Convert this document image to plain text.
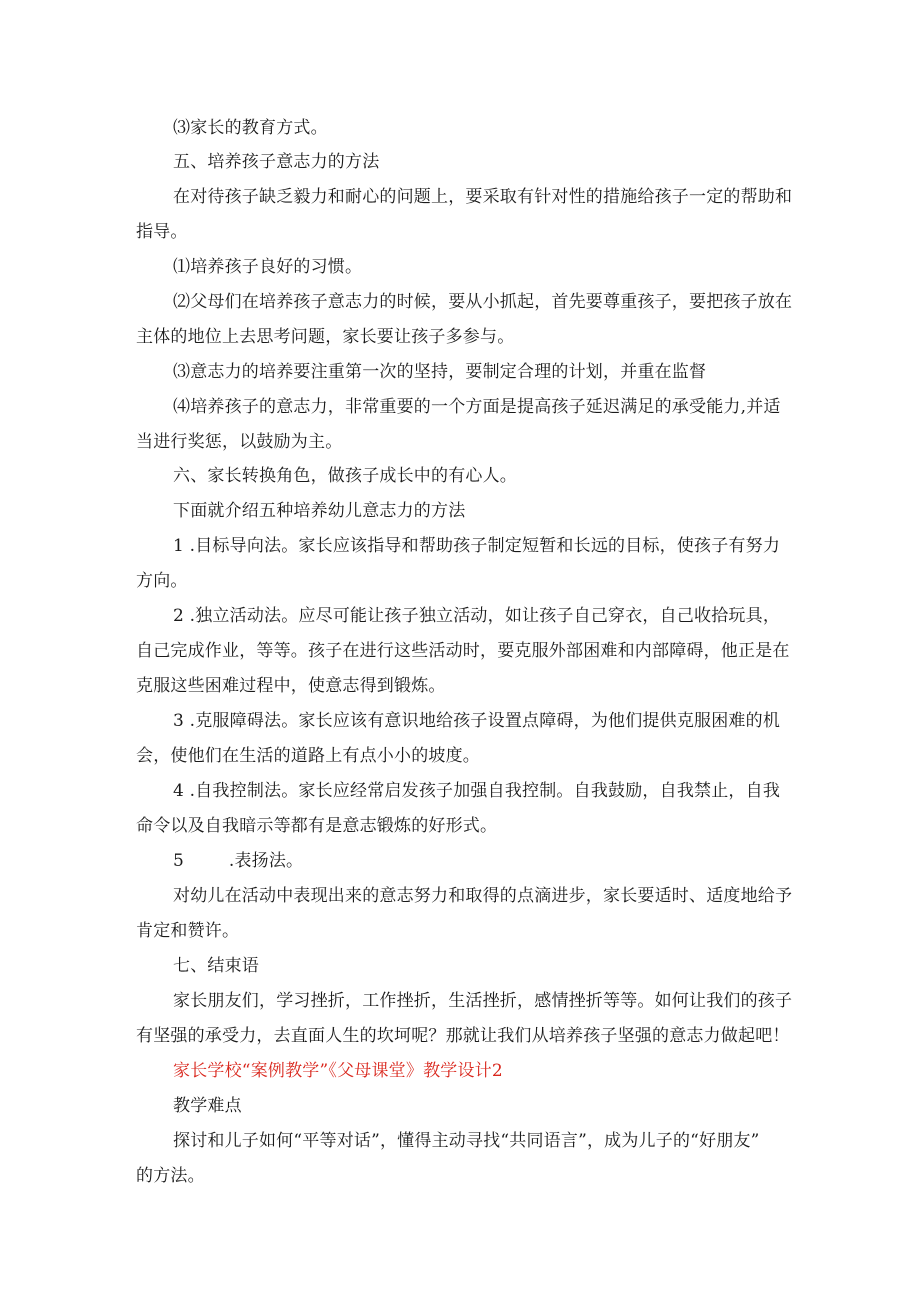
⑶家长的教育方式。
五、培养孩子意志力的方法
在对待孩子缺乏毅力和耐心的问题上，要采取有针对性的措施给孩子一定的帮助和
指导。
⑴培养孩子良好的习惯。
⑵父母们在培养孩子意志力的时候，要从小抓起，首先要尊重孩子，要把孩子放在
主体的地位上去思考问题，家长要让孩子多参与。
⑶意志力的培养要注重第一次的坚持，要制定合理的计划，并重在监督
⑷培养孩子的意志力，非常重要的一个方面是提高孩子延迟满足的承受能力,并适
当进行奖惩，以鼓励为主。
六、家长转换角色，做孩子成长中的有心人。
下面就介绍五种培养幼儿意志力的方法
1 .目标导向法。家长应该指导和帮助孩子制定短暂和长远的目标，使孩子有努力
方向。
2 .独立活动法。应尽可能让孩子独立活动，如让孩子自己穿衣，自己收拾玩具，
自己完成作业，等等。孩子在进行这些活动时，要克服外部困难和内部障碍，他正是在
克服这些困难过程中，使意志得到锻炼。
3 .克服障碍法。家长应该有意识地给孩子设置点障碍，为他们提供克服困难的机
会，使他们在生活的道路上有点小小的坡度。
4 .自我控制法。家长应经常启发孩子加强自我控制。自我鼓励，自我禁止，自我
命令以及自我暗示等都有是意志锻炼的好形式。
5        .表扬法。
对幼儿在活动中表现出来的意志努力和取得的点滴进步，家长要适时、适度地给予
肯定和赞许。
七、结束语
家长朋友们，学习挫折，工作挫折，生活挫折，感情挫折等等。如何让我们的孩子
有坚强的承受力，去直面人生的坎坷呢？那就让我们从培养孩子坚强的意志力做起吧！
家长学校“案例教学”《父母课堂》教学设计2
教学难点
探讨和儿子如何“平等对话”，懂得主动寻找“共同语言”，成为儿子的“好朋友”
的方法。
